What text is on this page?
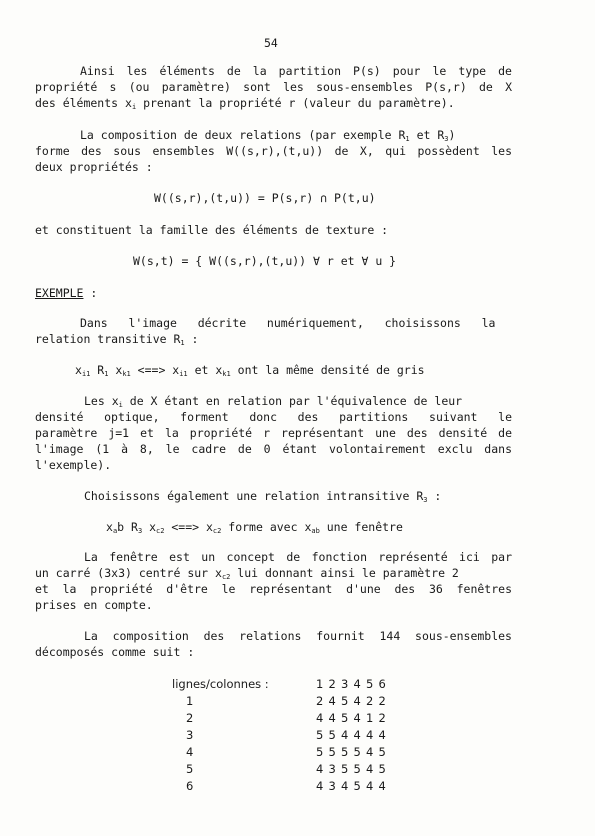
54
Ainsi les éléments de la partition P(s) pour le type de
propriété s (ou paramètre) sont les sous-ensembles P(s,r) de X
des éléments $x_i$ prenant la propriété r (valeur du paramètre).
La composition de deux relations (par exemple $R_1$ et $R_3$)
forme des sous ensembles W((s,r),(t,u)) de X, qui possèdent les
deux propriétés :
W((s,r),(t,u)) = P(s,r) ∩ P(t,u)
et constituent la famille des éléments de texture :
W(s,t) = { W((s,r),(t,u)) ∀ r et ∀ u }
EXEMPLE :
Dans   l'image   décrite   numériquement,   choisissons   la
relation transitive $R_1$ :
$x_{i1}$ $R_1$ $x_{k1}$ <==> $x_{i1}$ et $x_{k1}$ ont la même densité de gris
Les $x_i$ de X étant en relation par l'équivalence de leur
densité  optique,  forment  donc  des  partitions  suivant  le
paramètre j=1 et la propriété r représentant une des densité de
l'image (1 à 8, le cadre de 0 étant volontairement exclu dans
l'exemple).
Choisissons également une relation intransitive $R_3$ :
$x_ab$ $R_3$ $x_{c2}$ <==> $x_{c2}$ forme avec $x_{ab}$ une fenêtre
La fenêtre est un concept de fonction représenté ici par
un carré (3x3) centré sur $x_{c2}$ lui donnant ainsi le paramètre 2
et la propriété d'être le représentant d'une des 36 fenêtres
prises en compte.
La composition des relations fournit 144 sous-ensembles
décomposés comme suit :
lignes/colonnes :	1	2	3	4	5	6
1	2	4	5	4	2	2
2	4	4	5	4	1	2
3	5	5	4	4	4	4
4	5	5	5	5	4	5
5	4	3	5	5	4	5
6	4	3	4	5	4	4
